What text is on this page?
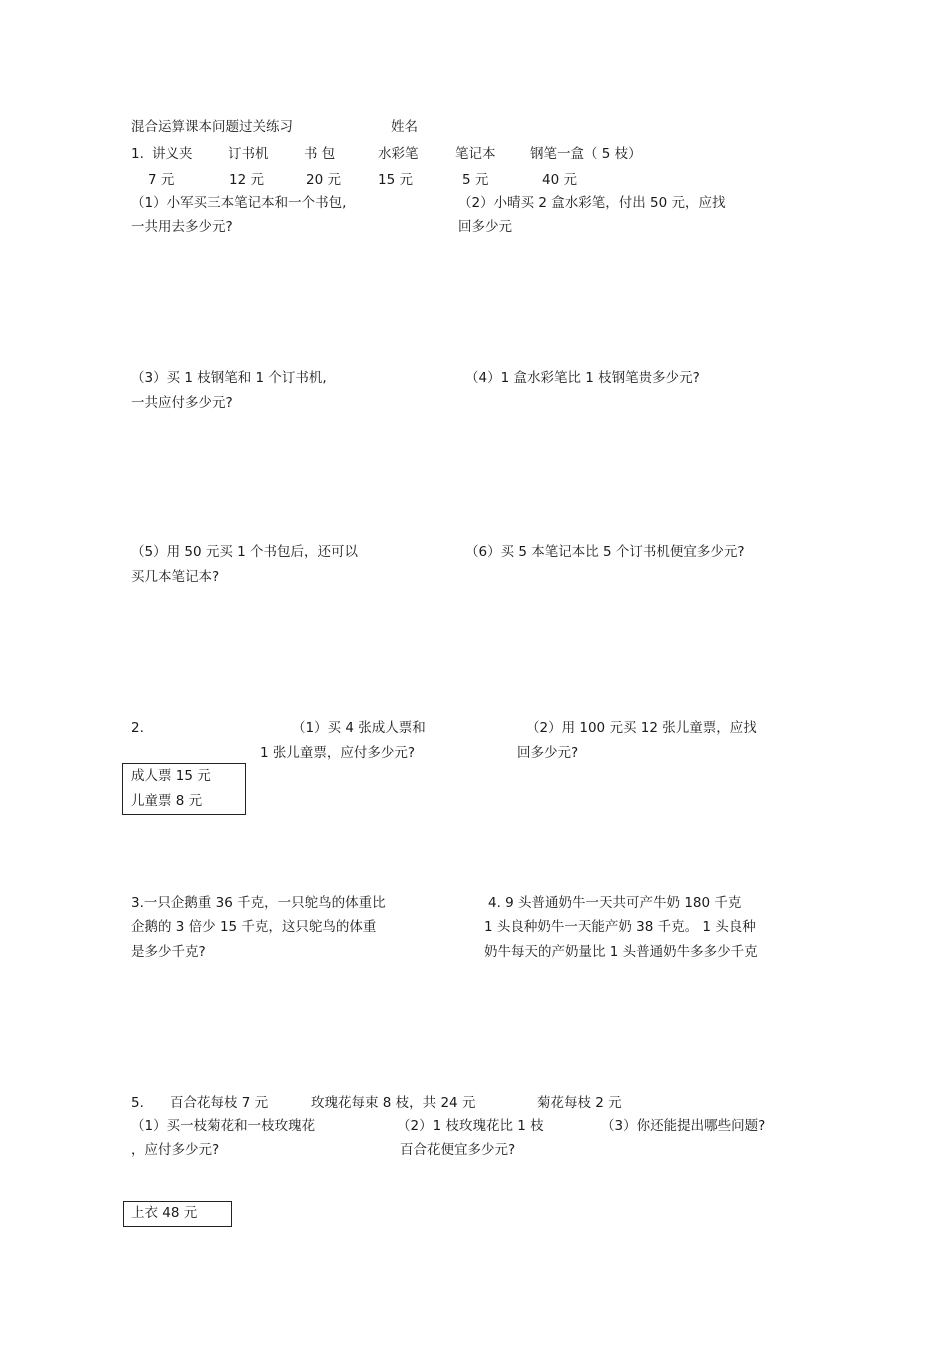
混合运算课本问题过关练习	姓名
1. 讲义夹	订书机	书 包	水彩笔	笔记本	钢笔一盒（ 5 枝）
7 元	12 元	20 元	15 元	5 元	40 元
（1）小军买三本笔记本和一个书包,
一共用去多少元?
（2）小晴买 2 盒水彩笔，付出 50 元，应找
回多少元
（3）买 1 枝钢笔和 1 个订书机,
一共应付多少元?
（4）1 盒水彩笔比 1 枝钢笔贵多少元?
（5）用 50 元买 1 个书包后，还可以
买几本笔记本?
（6）买 5 本笔记本比 5 个订书机便宜多少元?
2.	（1）买 4 张成人票和
1 张儿童票，应付多少元?
（2）用 100 元买 12 张儿童票，应找
回多少元?
成人票 15 元
儿童票 8 元
3.一只企鹅重 36 千克，一只鸵鸟的体重比
企鹅的 3 倍少 15 千克，这只鸵鸟的体重
是多少千克?
4. 9 头普通奶牛一天共可产牛奶 180 千克
1 头良种奶牛一天能产奶 38 千克。 1 头良种
奶牛每天的产奶量比 1 头普通奶牛多多少千克
5. 百合花每枝 7 元	玫瑰花每束 8 枝，共 24 元	菊花每枝 2 元
（1）买一枝菊花和一枝玫瑰花
，应付多少元?
（2）1 枝玫瑰花比 1 枝
百合花便宜多少元?
（3）你还能提出哪些问题?
上衣 48 元
